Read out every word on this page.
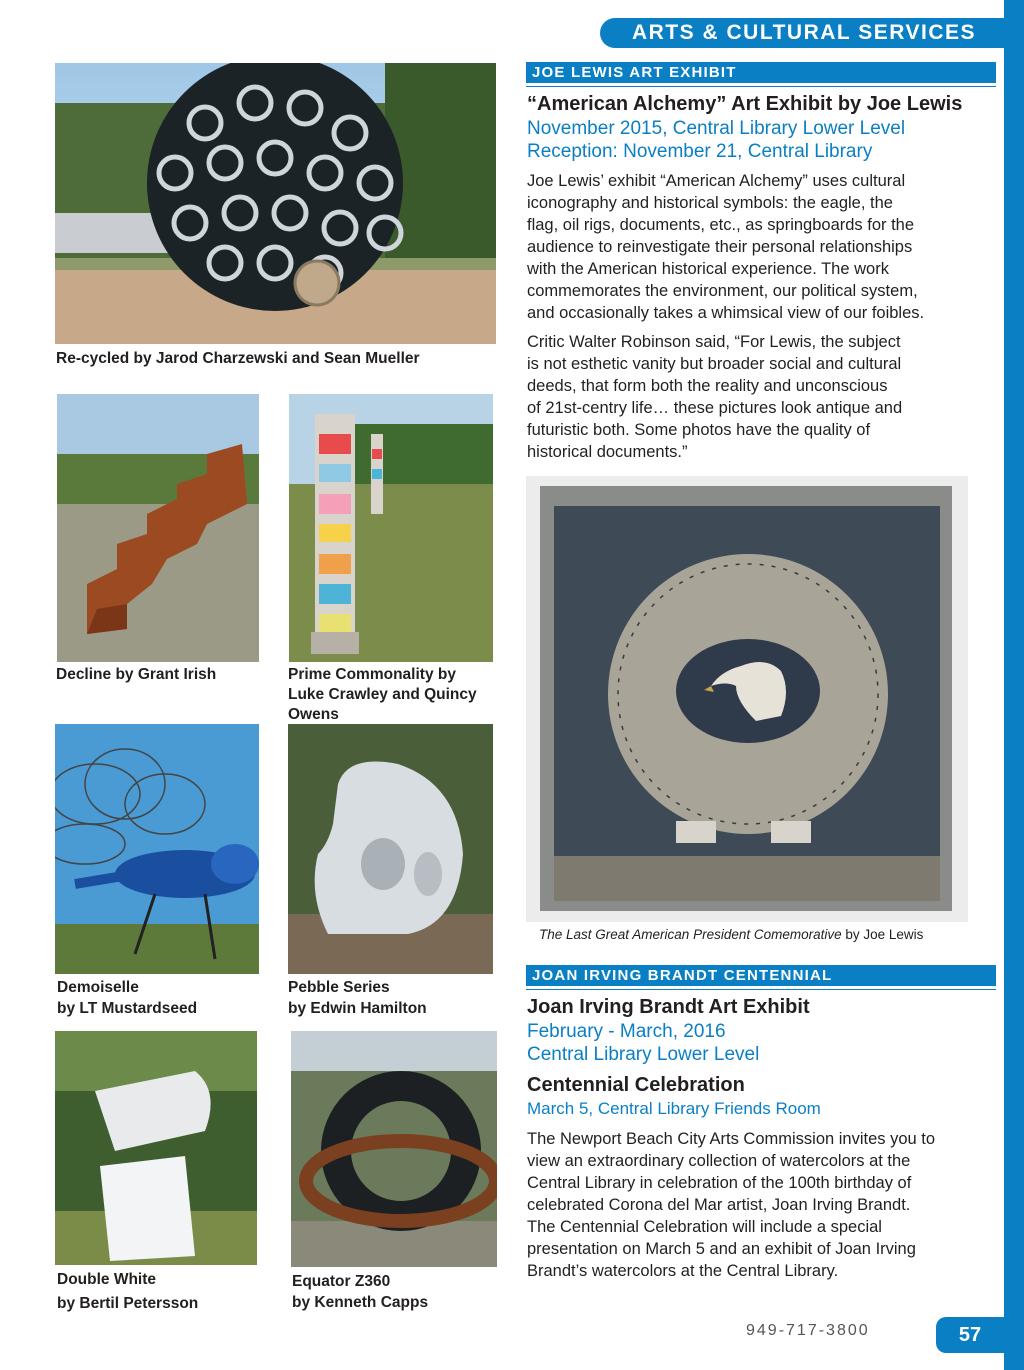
ARTS & CULTURAL SERVICES
Re-cycled by Jarod Charzewski and Sean Mueller
Decline by Grant Irish	Prime Commonality by
Luke Crawley and Quincy
Owens
Demoiselle
by LT Mustardseed
Pebble Series
by Edwin Hamilton
Double White
by Bertil Petersson
Equator Z360
by Kenneth Capps
JOE LEWIS ART EXHIBIT
“American Alchemy” Art Exhibit by Joe Lewis
November 2015, Central Library Lower Level
Reception: November 21, Central Library
Joe Lewis’ exhibit “American Alchemy” uses cultural
iconography and historical symbols: the eagle, the
flag, oil rigs, documents, etc., as springboards for the
audience to reinvestigate their personal relationships
with the American historical experience. The work
commemorates the environment, our political system,
and occasionally takes a whimsical view of our foibles.
Critic Walter Robinson said, “For Lewis, the subject
is not esthetic vanity but broader social and cultural
deeds, that form both the reality and unconscious
of 21st-centry life… these pictures look antique and
futuristic both. Some photos have the quality of
historical documents.”
The Last Great American President Comemorative by Joe Lewis
JOAN IRVING BRANDT CENTENNIAL
Joan Irving Brandt Art Exhibit
February - March, 2016
Central Library Lower Level
Centennial Celebration
March 5, Central Library Friends Room
The Newport Beach City Arts Commission invites you to
view an extraordinary collection of watercolors at the
Central Library in celebration of the 100th birthday of
celebrated Corona del Mar artist, Joan Irving Brandt.
The Centennial Celebration will include a special
presentation on March 5 and an exhibit of Joan Irving
Brandt’s watercolors at the Central Library.
949-717-3800	57
